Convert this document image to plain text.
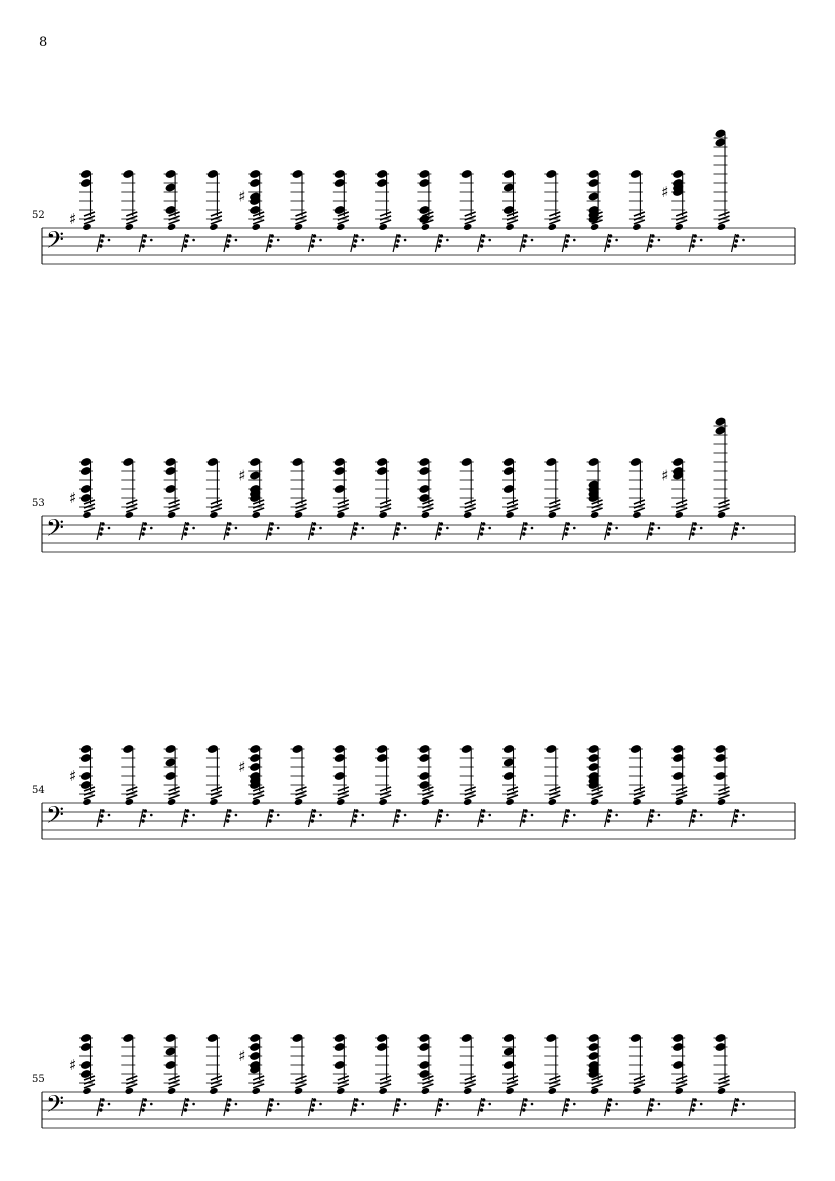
8
52
𝄢
♯
♯	♯
53
𝄢
♯
♯	♯
54
𝄢
♯	♯
55
𝄢
♯	♯
